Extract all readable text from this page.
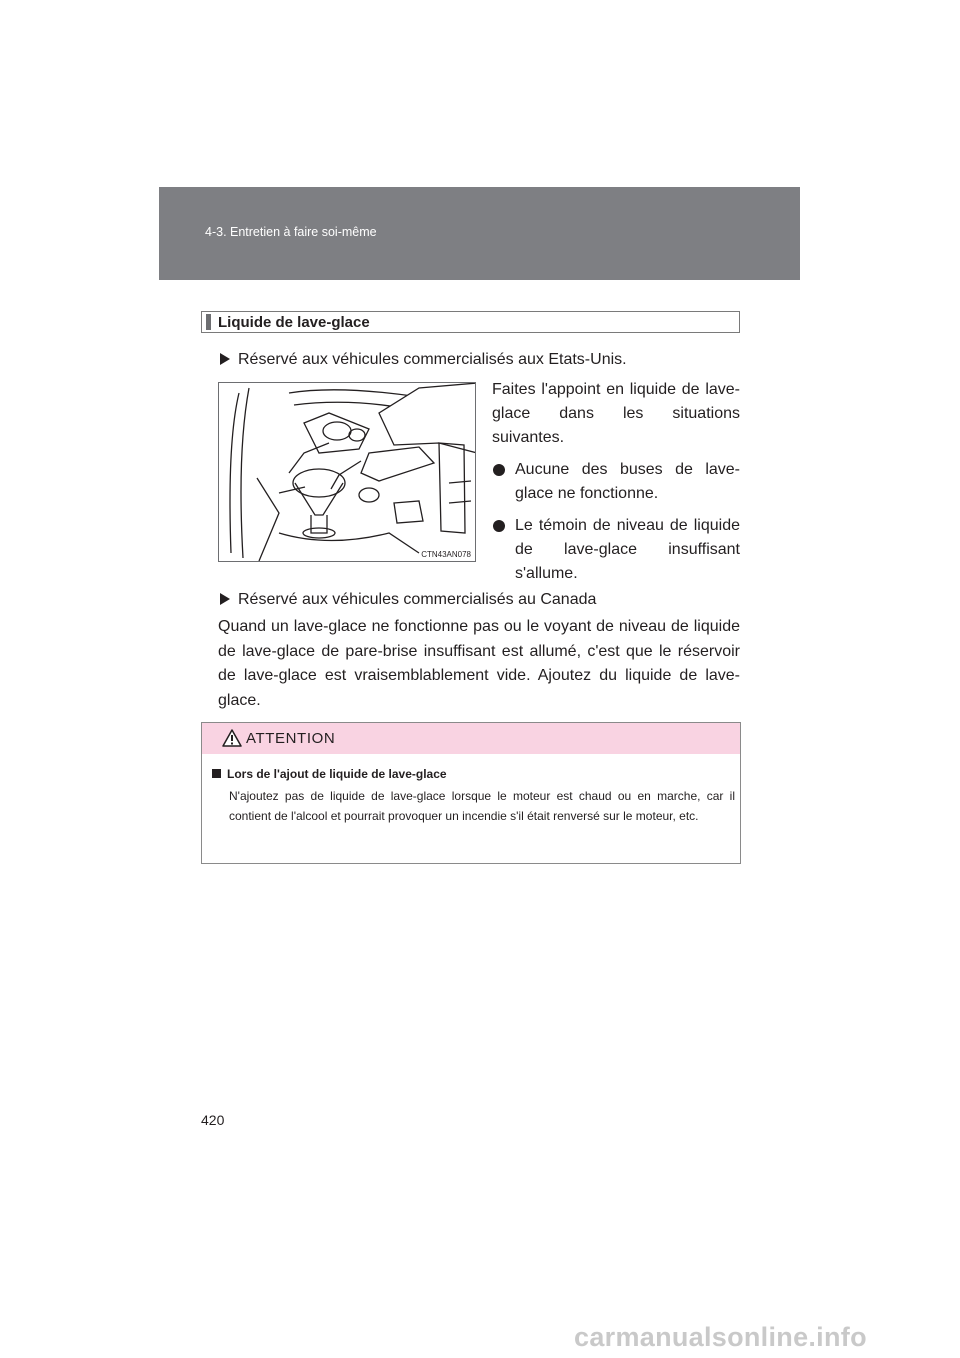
4-3. Entretien à faire soi-même
Liquide de lave-glace
Réservé aux véhicules commercialisés aux Etats-Unis.
CTN43AN078

Faites l'appoint en liquide de lave-glace dans les situations suivantes.

Aucune des buses de lave-glace ne fonctionne.

Le témoin de niveau de liquide de lave-glace insuffisant s'allume.

Réservé aux véhicules commercialisés au Canada
Quand un lave-glace ne fonctionne pas ou le voyant de niveau de liquide de lave-glace de pare-brise insuffisant est allumé, c'est que le réservoir de lave-glace est vraisemblablement vide. Ajoutez du liquide de lave-glace.
ATTENTION
Lors de l'ajout de liquide de lave-glace
N'ajoutez pas de liquide de lave-glace lorsque le moteur est chaud ou en marche, car il contient de l'alcool et pourrait provoquer un incendie s'il était renversé sur le moteur, etc.
420
carmanualsonline.info
